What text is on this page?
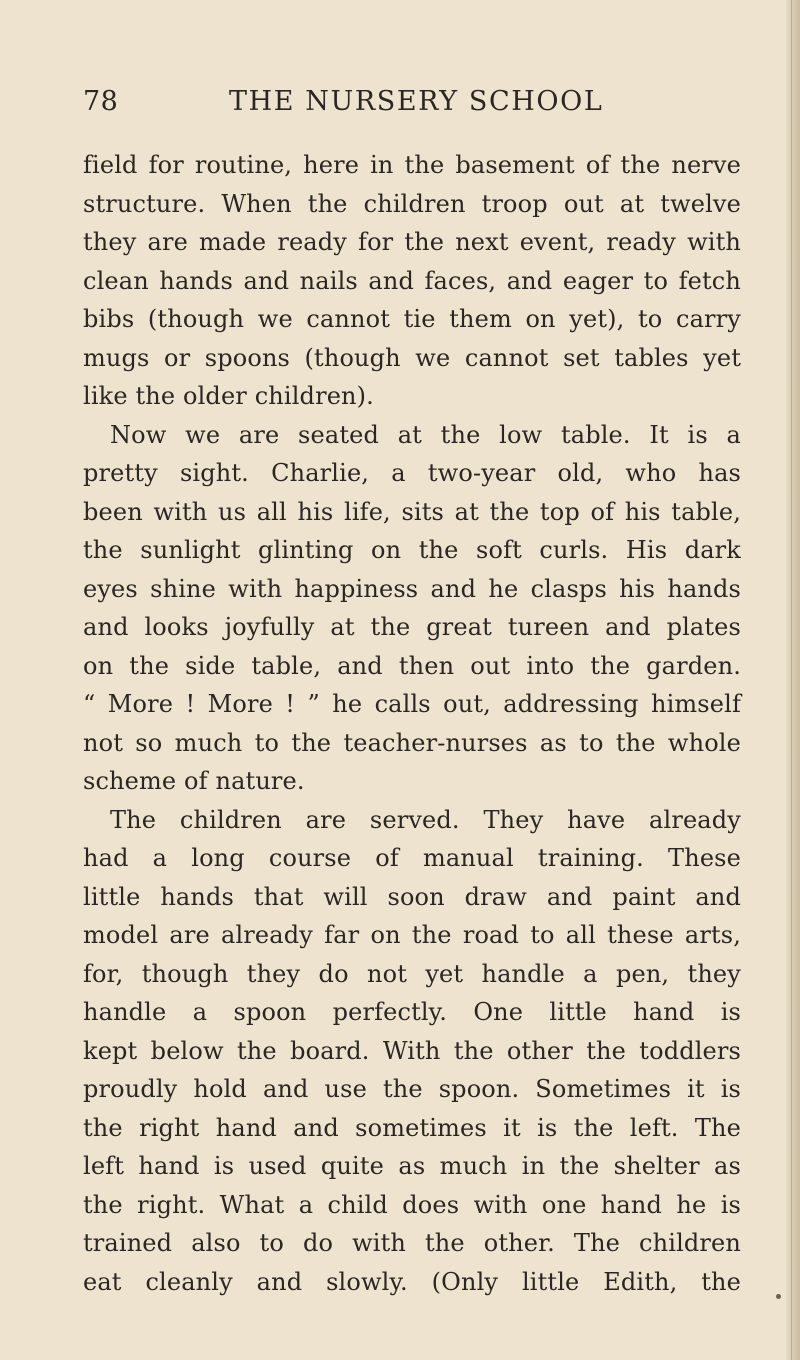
78	THE NURSERY SCHOOL
field for routine, here in the basement of the nerve
structure. When the children troop out at twelve
they are made ready for the next event, ready with
clean hands and nails and faces, and eager to fetch
bibs (though we cannot tie them on yet), to carry
mugs or spoons (though we cannot set tables yet
like the older children).
Now we are seated at the low table. It is a
pretty sight. Charlie, a two-year old, who has
been with us all his life, sits at the top of his table,
the sunlight glinting on the soft curls. His dark
eyes shine with happiness and he clasps his hands
and looks joyfully at the great tureen and plates
on the side table, and then out into the garden.
“ More ! More ! ” he calls out, addressing himself
not so much to the teacher-nurses as to the whole
scheme of nature.
The children are served. They have already
had a long course of manual training. These
little hands that will soon draw and paint and
model are already far on the road to all these arts,
for, though they do not yet handle a pen, they
handle a spoon perfectly. One little hand is
kept below the board. With the other the toddlers
proudly hold and use the spoon. Sometimes it is
the right hand and sometimes it is the left. The
left hand is used quite as much in the shelter as
the right. What a child does with one hand he is
trained also to do with the other. The children
eat cleanly and slowly. (Only little Edith, the
